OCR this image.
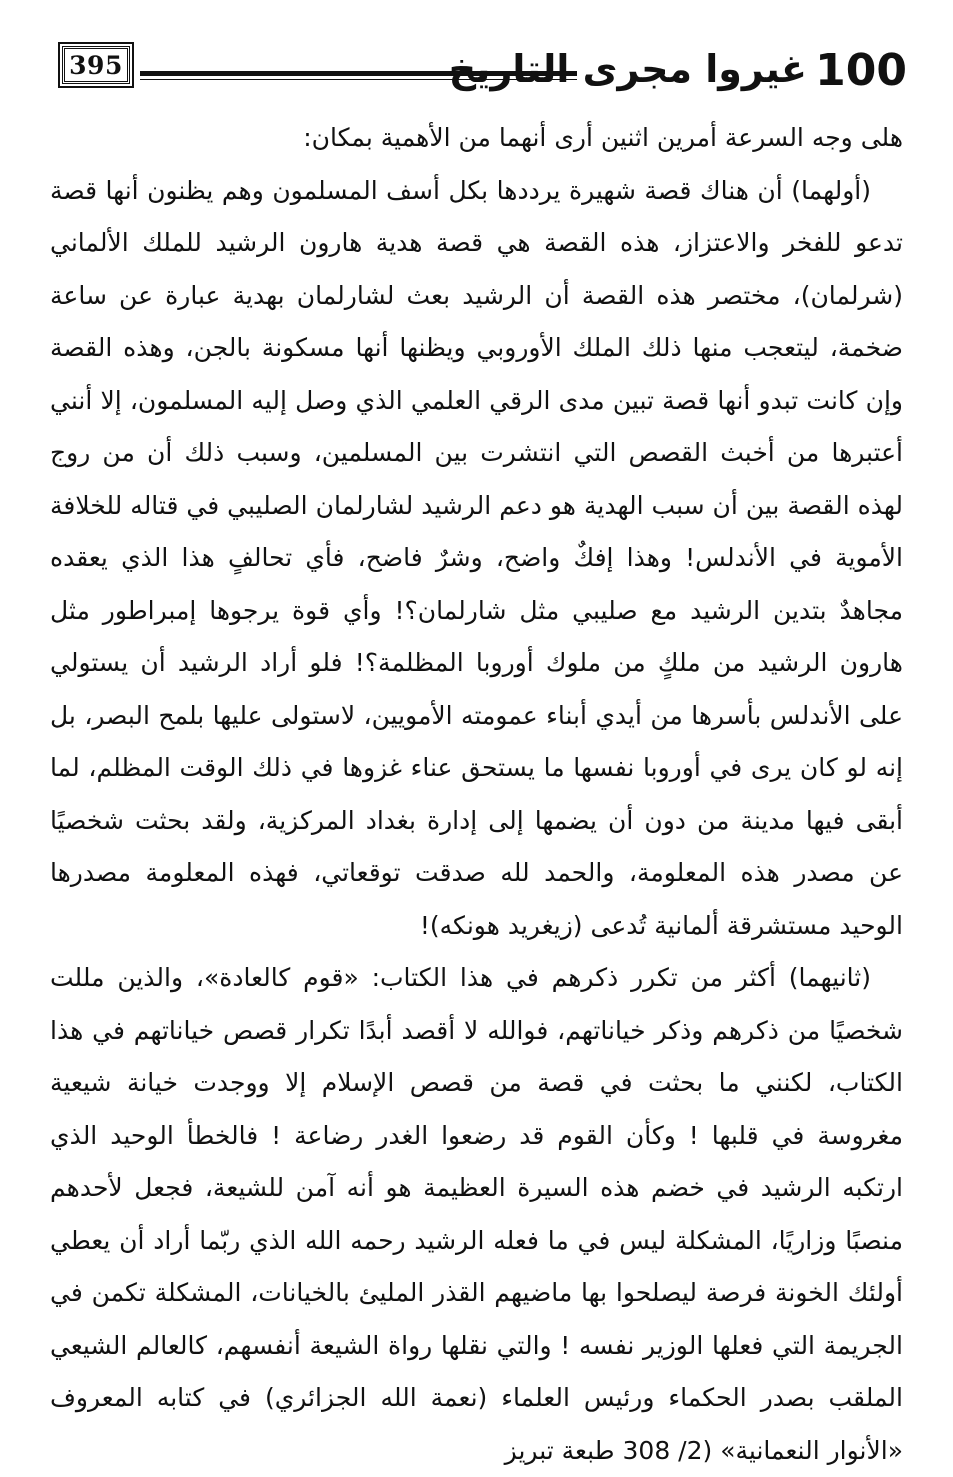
395	غيروا مجرى التاريخ 100

هلى وجه السرعة أمرين اثنين أرى أنهما من الأهمية بمكان:

(أولهما) أن هناك قصة شهيرة يرددها بكل أسف المسلمون وهم يظنون أنها قصة تدعو للفخر والاعتزاز، هذه القصة هي قصة هدية هارون الرشيد للملك الألماني (شرلمان)، مختصر هذه القصة أن الرشيد بعث لشارلمان بهدية عبارة عن ساعة ضخمة، ليتعجب منها ذلك الملك الأوروبي ويظنها أنها مسكونة بالجن، وهذه القصة وإن كانت تبدو أنها قصة تبين مدى الرقي العلمي الذي وصل إليه المسلمون، إلا أنني أعتبرها من أخبث القصص التي انتشرت بين المسلمين، وسبب ذلك أن من روج لهذه القصة بين أن سبب الهدية هو دعم الرشيد لشارلمان الصليبي في قتاله للخلافة الأموية في الأندلس! وهذا إفكٌ واضح، وشرٌ فاضح، فأي تحالفٍ هذا الذي يعقده مجاهدٌ بتدين الرشيد مع صليبي مثل شارلمان؟! وأي قوة يرجوها إمبراطور مثل هارون الرشيد من ملكٍ من ملوك أوروبا المظلمة؟! فلو أراد الرشيد أن يستولي على الأندلس بأسرها من أيدي أبناء عمومته الأمويين، لاستولى عليها بلمح البصر، بل إنه لو كان يرى في أوروبا نفسها ما يستحق عناء غزوها في ذلك الوقت المظلم، لما أبقى فيها مدينة من دون أن يضمها إلى إدارة بغداد المركزية، ولقد بحثت شخصيًا عن مصدر هذه المعلومة، والحمد لله صدقت توقعاتي، فهذه المعلومة مصدرها الوحيد مستشرقة ألمانية تُدعى (زيغريد هونكه)!

(ثانيهما) أكثر من تكرر ذكرهم في هذا الكتاب: «قوم كالعادة»، والذين مللت شخصيًا من ذكرهم وذكر خياناتهم، فوالله لا أقصد أبدًا تكرار قصص خياناتهم في هذا الكتاب، لكنني ما بحثت في قصة من قصص الإسلام إلا ووجدت خيانة شيعية مغروسة في قلبها ! وكأن القوم قد رضعوا الغدر رضاعة ! فالخطأ الوحيد الذي ارتكبه الرشيد في خضم هذه السيرة العظيمة هو أنه آمن للشيعة، فجعل لأحدهم منصبًا وزاريًا، المشكلة ليس في ما فعله الرشيد رحمه الله الذي ربّما أراد أن يعطي أولئك الخونة فرصة ليصلحوا بها ماضيهم القذر المليئ بالخيانات، المشكلة تكمن في الجريمة التي فعلها الوزير نفسه ! والتي نقلها رواة الشيعة أنفسهم، كالعالم الشيعي الملقب بصدر الحكماء ورئيس العلماء (نعمة الله الجزائري) في كتابه المعروف «الأنوار النعمانية» (2/ 308 طبعة تبريز
